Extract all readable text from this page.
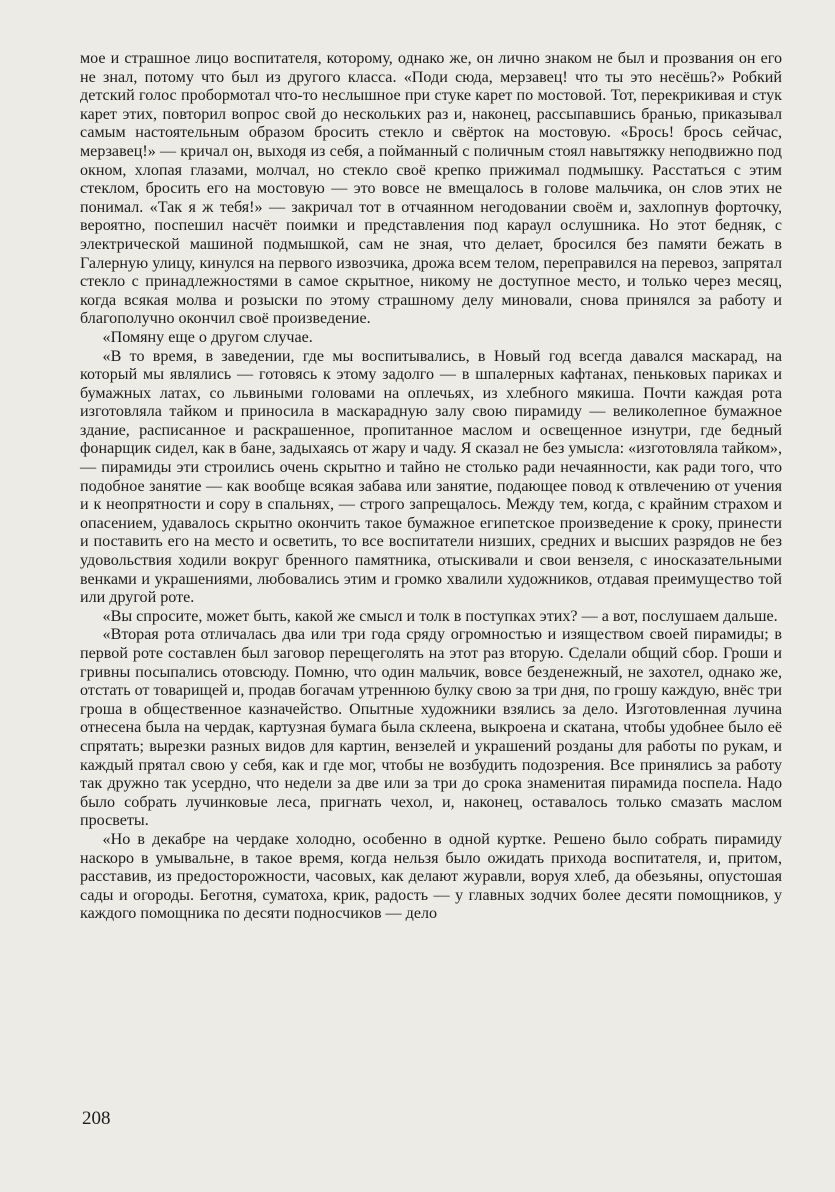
мое и страшное лицо воспитателя, которому, однако же, он лично знаком не был и прозвания он его не знал, потому что был из другого класса. «Поди сюда, мерзавец! что ты это несёшь?» Робкий детский голос пробормотал что-то неслышное при стуке карет по мостовой. Тот, перекрикивая и стук карет этих, повторил вопрос свой до нескольких раз и, наконец, рассыпавшись бранью, приказывал самым настоятельным образом бросить стекло и свёрток на мостовую. «Брось! брось сейчас, мерзавец!» — кричал он, выходя из себя, а пойманный с поличным стоял навытяжку неподвижно под окном, хлопая глазами, молчал, но стекло своё крепко прижимал подмышку. Расстаться с этим стеклом, бросить его на мостовую — это вовсе не вмещалось в голове мальчика, он слов этих не понимал. «Так я ж тебя!» — закричал тот в отчаянном негодовании своём и, захлопнув форточку, вероятно, поспешил насчёт поимки и представления под караул ослушника. Но этот бедняк, с электрической машиной подмышкой, сам не зная, что делает, бросился без памяти бежать в Галерную улицу, кинулся на первого извозчика, дрожа всем телом, переправился на перевоз, запрятал стекло с принадлежностями в самое скрытное, никому не доступное место, и только через месяц, когда всякая молва и розыски по этому страшному делу миновали, снова принялся за работу и благополучно окончил своё произведение.

«Помяну еще о другом случае.

«В то время, в заведении, где мы воспитывались, в Новый год всегда давался маскарад, на который мы являлись — готовясь к этому задолго — в шпалерных кафтанах, пеньковых париках и бумажных латах, со львиными головами на оплечьях, из хлебного мякиша. Почти каждая рота изготовляла тайком и приносила в маскарадную залу свою пирамиду — великолепное бумажное здание, расписанное и раскрашенное, пропитанное маслом и освещенное изнутри, где бедный фонарщик сидел, как в бане, задыхаясь от жару и чаду. Я сказал не без умысла: «изготовляла тайком», — пирамиды эти строились очень скрытно и тайно не столько ради нечаянности, как ради того, что подобное занятие — как вообще всякая забава или занятие, подающее повод к отвлечению от учения и к неопрятности и сору в спальнях, — строго запрещалось. Между тем, когда, с крайним страхом и опасением, удавалось скрытно окончить такое бумажное египетское произведение к сроку, принести и поставить его на место и осветить, то все воспитатели низших, средних и высших разрядов не без удовольствия ходили вокруг бренного памятника, отыскивали и свои вензеля, с иносказательными венками и украшениями, любовались этим и громко хвалили художников, отдавая преимущество той или другой роте.

«Вы спросите, может быть, какой же смысл и толк в поступках этих? — а вот, послушаем дальше.

«Вторая рота отличалась два или три года сряду огромностью и изяществом своей пирамиды; в первой роте составлен был заговор перещеголять на этот раз вторую. Сделали общий сбор. Гроши и гривны посыпались отовсюду. Помню, что один мальчик, вовсе безденежный, не захотел, однако же, отстать от товарищей и, продав богачам утреннюю булку свою за три дня, по грошу каждую, внёс три гроша в общественное казначейство. Опытные художники взялись за дело. Изготовленная лучина отнесена была на чердак, картузная бумага была склеена, выкроена и скатана, чтобы удобнее было её спрятать; вырезки разных видов для картин, вензелей и украшений розданы для работы по рукам, и каждый прятал свою у себя, как и где мог, чтобы не возбудить подозрения. Все принялись за работу так дружно так усердно, что недели за две или за три до срока знаменитая пирамида поспела. Надо было собрать лучинковые леса, пригнать чехол, и, наконец, оставалось только смазать маслом просветы.

«Но в декабре на чердаке холодно, особенно в одной куртке. Решено было собрать пирамиду наскоро в умывальне, в такое время, когда нельзя было ожидать прихода воспитателя, и, притом, расставив, из предосторожности, часовых, как делают журавли, воруя хлеб, да обезьяны, опустошая сады и огороды. Беготня, суматоха, крик, радость — у главных зодчих более десяти помощников, у каждого помощника по десяти подносчиков — дело

208
